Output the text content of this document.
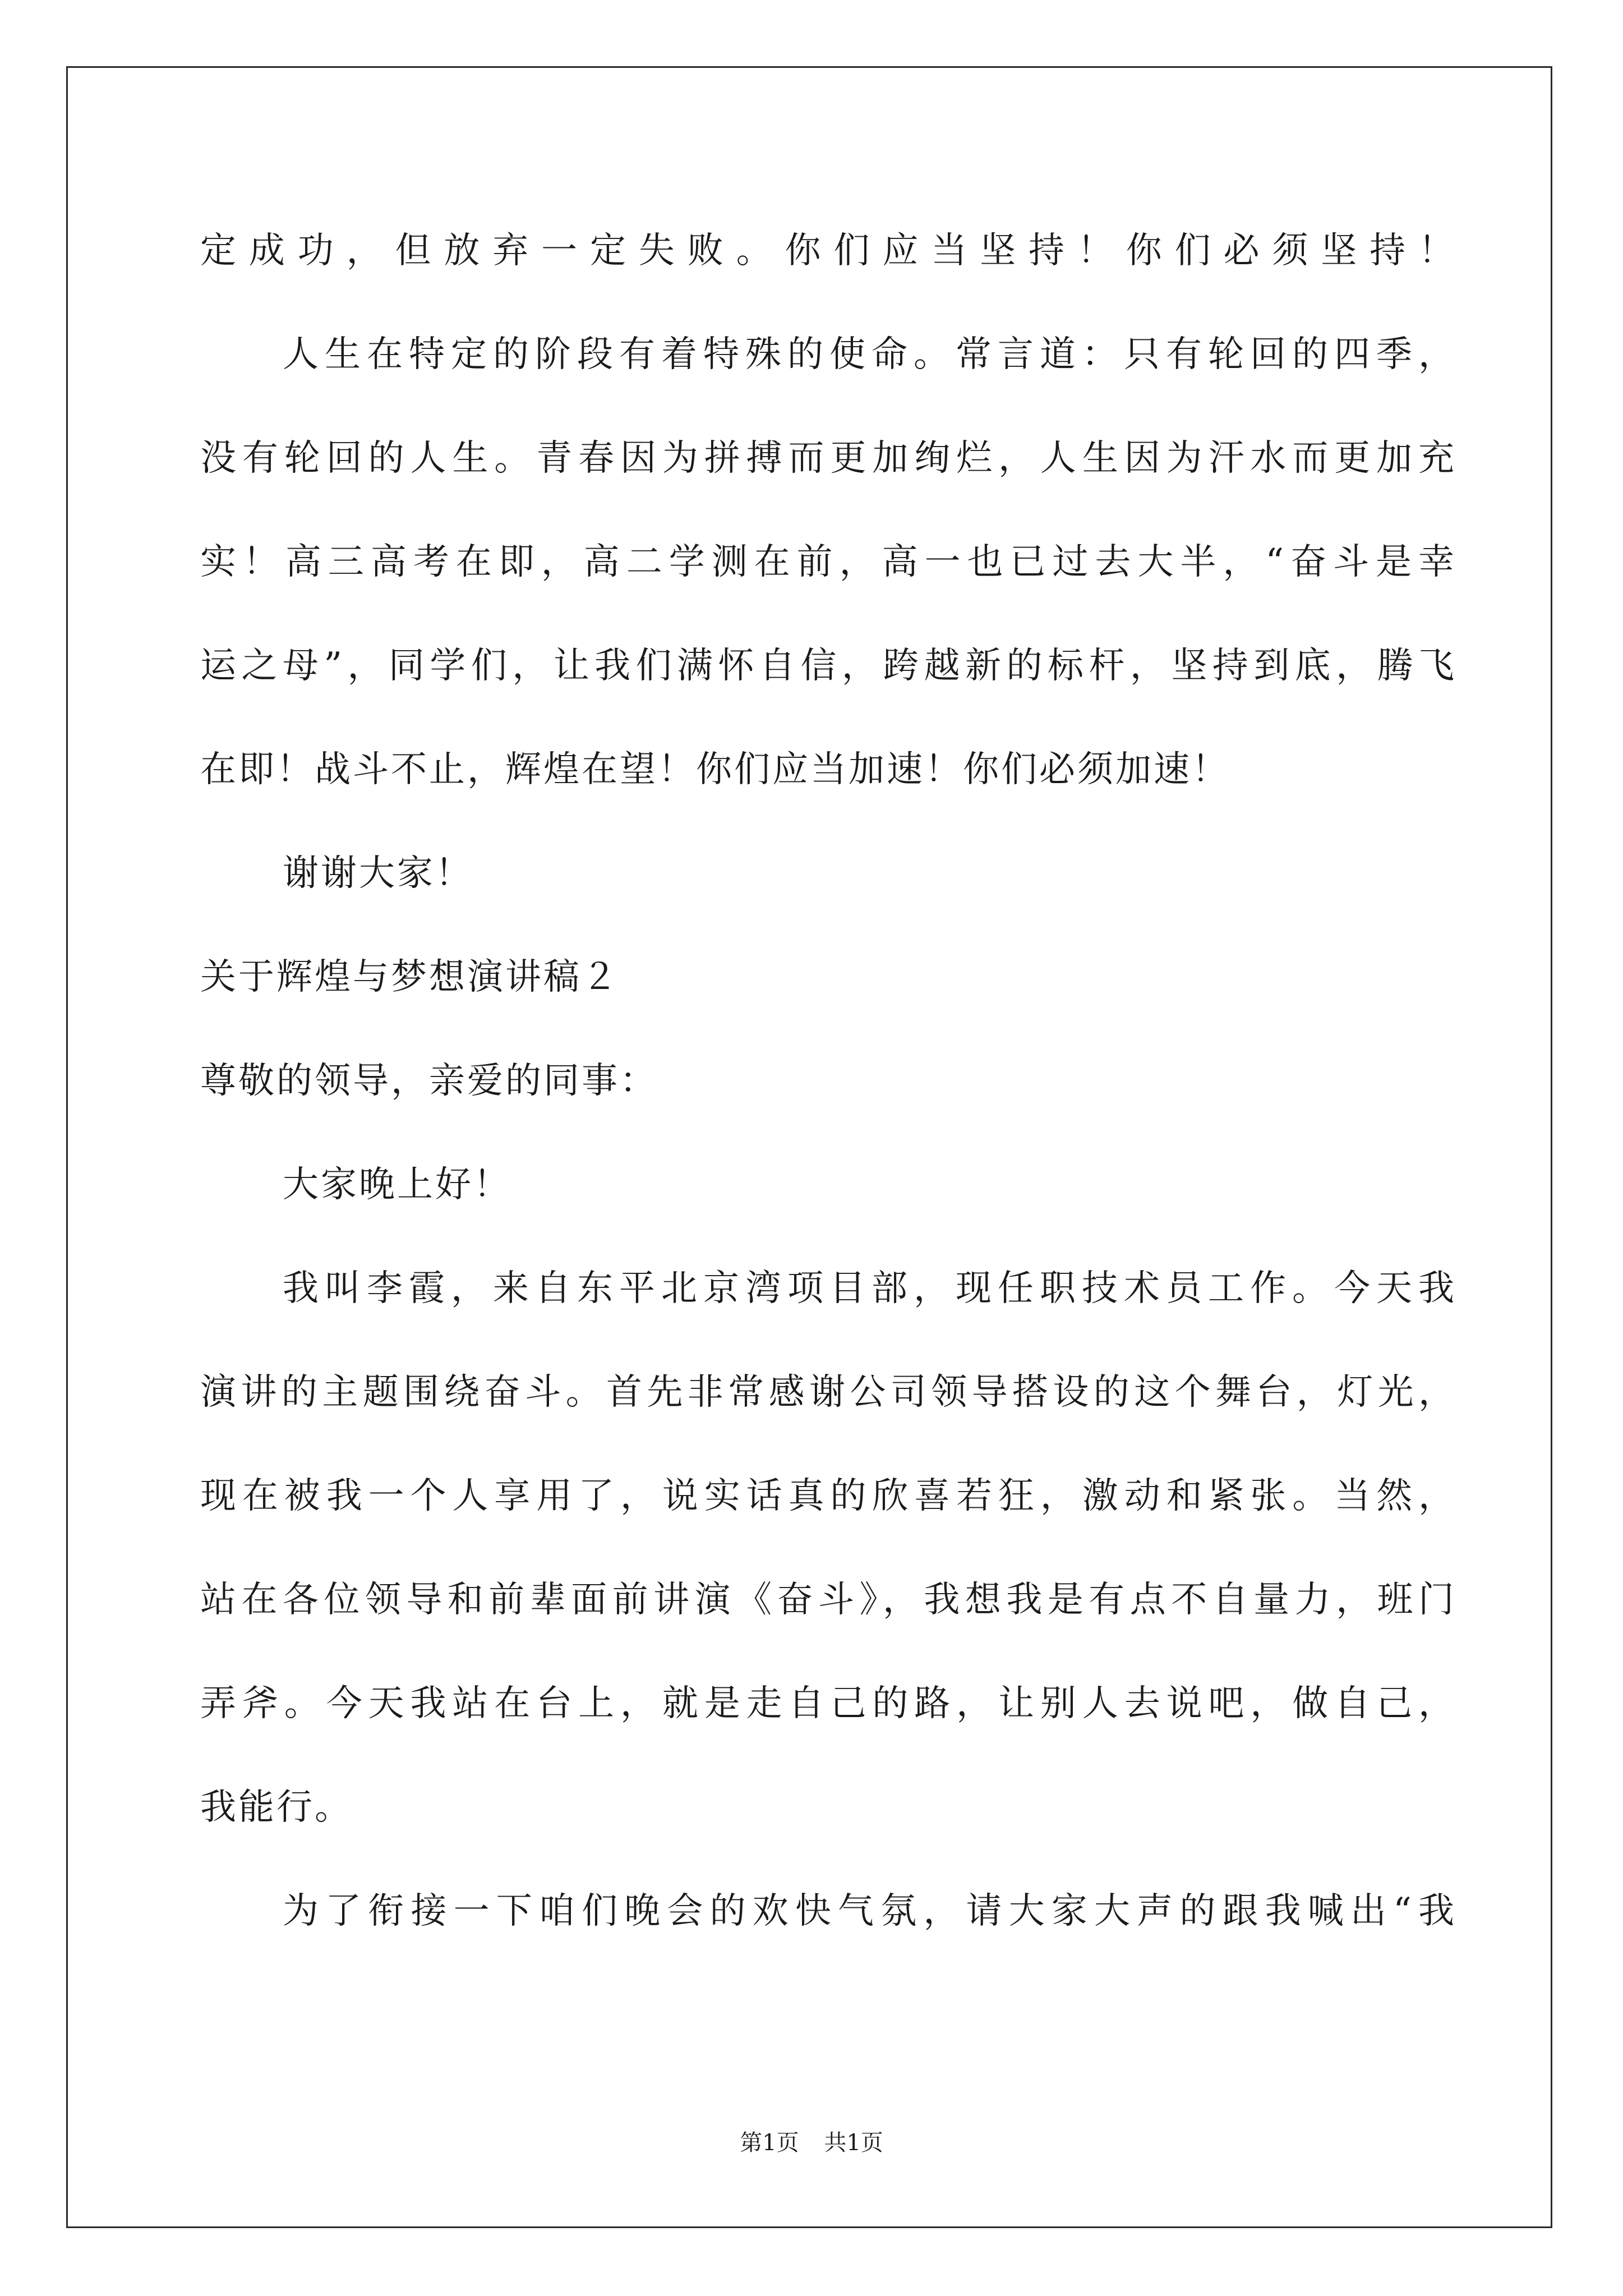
定成功，但放弃一定失败。你们应当坚持！你们必须坚持！
人生在特定的阶段有着特殊的使命。常言道：只有轮回的四季，
没有轮回的人生。青春因为拼搏而更加绚烂，人生因为汗水而更加充
实！高三高考在即，高二学测在前，高一也已过去大半，“奋斗是幸
运之母”，同学们，让我们满怀自信，跨越新的标杆，坚持到底，腾飞
在即！战斗不止，辉煌在望！你们应当加速！你们必须加速！
谢谢大家！
关于辉煌与梦想演讲稿２
尊敬的领导，亲爱的同事：
大家晚上好！
我叫李霞，来自东平北京湾项目部，现任职技术员工作。今天我
演讲的主题围绕奋斗。首先非常感谢公司领导搭设的这个舞台，灯光，
现在被我一个人享用了，说实话真的欣喜若狂，激动和紧张。当然，
站在各位领导和前辈面前讲演《奋斗》，我想我是有点不自量力，班门
弄斧。今天我站在台上，就是走自己的路，让别人去说吧，做自己，
我能行。
为了衔接一下咱们晚会的欢快气氛，请大家大声的跟我喊出“我
第1页 共1页
